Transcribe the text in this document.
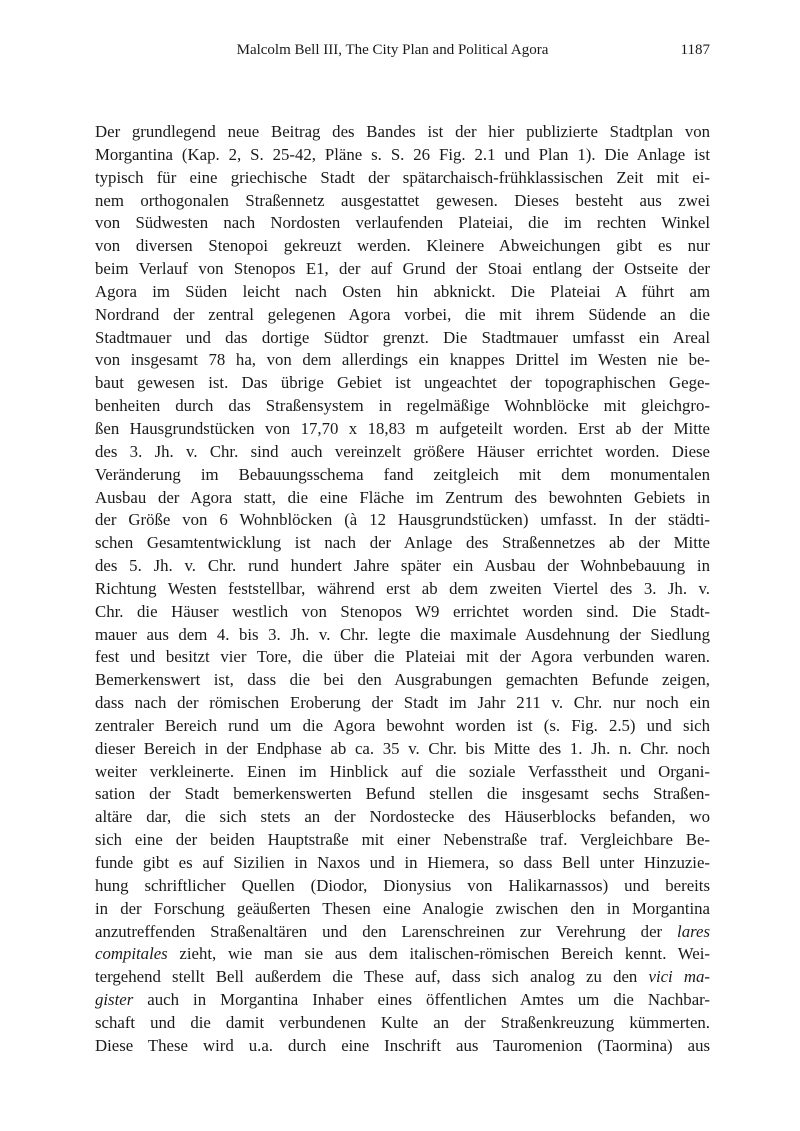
Malcolm Bell III, The City Plan and Political Agora	1187
Der grundlegend neue Beitrag des Bandes ist der hier publizierte Stadtplan von
Morgantina (Kap. 2, S. 25-42, Pläne s. S. 26 Fig. 2.1 und Plan 1). Die Anlage ist
typisch für eine griechische Stadt der spätarchaisch-frühklassischen Zeit mit ei-
nem orthogonalen Straßennetz ausgestattet gewesen. Dieses besteht aus zwei
von Südwesten nach Nordosten verlaufenden Plateiai, die im rechten Winkel
von diversen Stenopoi gekreuzt werden. Kleinere Abweichungen gibt es nur
beim Verlauf von Stenopos E1, der auf Grund der Stoai entlang der Ostseite der
Agora im Süden leicht nach Osten hin abknickt. Die Plateiai A führt am
Nordrand der zentral gelegenen Agora vorbei, die mit ihrem Südende an die
Stadtmauer und das dortige Südtor grenzt. Die Stadtmauer umfasst ein Areal
von insgesamt 78 ha, von dem allerdings ein knappes Drittel im Westen nie be-
baut gewesen ist. Das übrige Gebiet ist ungeachtet der topographischen Gege-
benheiten durch das Straßensystem in regelmäßige Wohnblöcke mit gleichgro-
ßen Hausgrundstücken von 17,70 x 18,83 m aufgeteilt worden. Erst ab der Mitte
des 3. Jh. v. Chr. sind auch vereinzelt größere Häuser errichtet worden. Diese
Veränderung im Bebauungsschema fand zeitgleich mit dem monumentalen
Ausbau der Agora statt, die eine Fläche im Zentrum des bewohnten Gebiets in
der Größe von 6 Wohnblöcken (à 12 Hausgrundstücken) umfasst. In der städti-
schen Gesamtentwicklung ist nach der Anlage des Straßennetzes ab der Mitte
des 5. Jh. v. Chr. rund hundert Jahre später ein Ausbau der Wohnbebauung in
Richtung Westen feststellbar, während erst ab dem zweiten Viertel des 3. Jh. v.
Chr. die Häuser westlich von Stenopos W9 errichtet worden sind. Die Stadt-
mauer aus dem 4. bis 3. Jh. v. Chr. legte die maximale Ausdehnung der Siedlung
fest und besitzt vier Tore, die über die Plateiai mit der Agora verbunden waren.
Bemerkenswert ist, dass die bei den Ausgrabungen gemachten Befunde zeigen,
dass nach der römischen Eroberung der Stadt im Jahr 211 v. Chr. nur noch ein
zentraler Bereich rund um die Agora bewohnt worden ist (s. Fig. 2.5) und sich
dieser Bereich in der Endphase ab ca. 35 v. Chr. bis Mitte des 1. Jh. n. Chr. noch
weiter verkleinerte. Einen im Hinblick auf die soziale Verfasstheit und Organi-
sation der Stadt bemerkenswerten Befund stellen die insgesamt sechs Straßen-
altäre dar, die sich stets an der Nordostecke des Häuserblocks befanden, wo
sich eine der beiden Hauptstraße mit einer Nebenstraße traf. Vergleichbare Be-
funde gibt es auf Sizilien in Naxos und in Hiemera, so dass Bell unter Hinzuzie-
hung schriftlicher Quellen (Diodor, Dionysius von Halikarnassos) und bereits
in der Forschung geäußerten Thesen eine Analogie zwischen den in Morgantina
anzutreffenden Straßenaltären und den Larenschreinen zur Verehrung der lares
compitales zieht, wie man sie aus dem italischen-römischen Bereich kennt. Wei-
tergehend stellt Bell außerdem die These auf, dass sich analog zu den vici ma-
gister auch in Morgantina Inhaber eines öffentlichen Amtes um die Nachbar-
schaft und die damit verbundenen Kulte an der Straßenkreuzung kümmerten.
Diese These wird u.a. durch eine Inschrift aus Tauromenion (Taormina) aus
